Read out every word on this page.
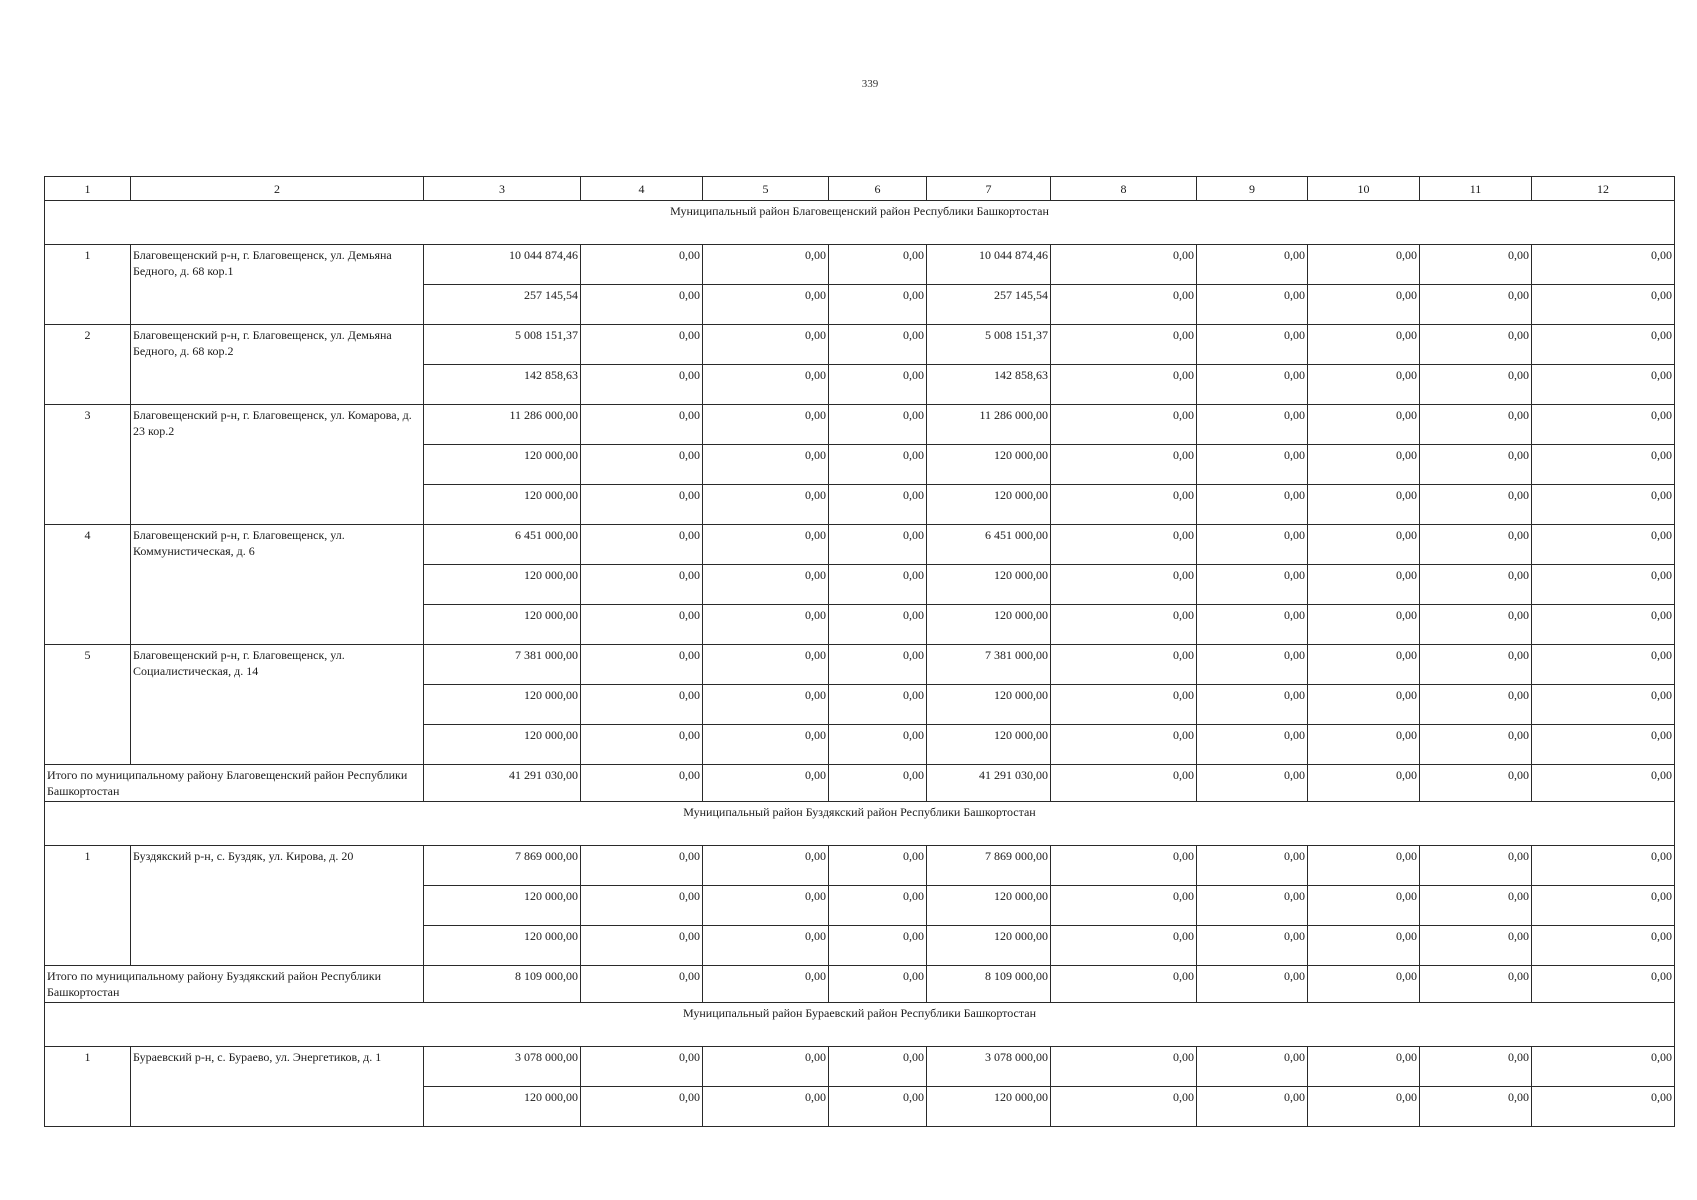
339
1	2	3	4	5	6	7	8	9	10	11	12
Муниципальный район Благовещенский район Республики Башкортостан											
1	Благовещенский р-н, г. Благовещенск, ул. Демьяна Бедного, д. 68 кор.1	10 044 874,46	0,00	0,00	0,00	10 044 874,46	0,00	0,00	0,00	0,00	0,00
		257 145,54	0,00	0,00	0,00	257 145,54	0,00	0,00	0,00	0,00	0,00
2	Благовещенский р-н, г. Благовещенск, ул. Демьяна Бедного, д. 68 кор.2	5 008 151,37	0,00	0,00	0,00	5 008 151,37	0,00	0,00	0,00	0,00	0,00
		142 858,63	0,00	0,00	0,00	142 858,63	0,00	0,00	0,00	0,00	0,00
3	Благовещенский р-н, г. Благовещенск, ул. Комарова, д. 23 кор.2	11 286 000,00	0,00	0,00	0,00	11 286 000,00	0,00	0,00	0,00	0,00	0,00
		120 000,00	0,00	0,00	0,00	120 000,00	0,00	0,00	0,00	0,00	0,00
		120 000,00	0,00	0,00	0,00	120 000,00	0,00	0,00	0,00	0,00	0,00
4	Благовещенский р-н, г. Благовещенск, ул. Коммунистическая, д. 6	6 451 000,00	0,00	0,00	0,00	6 451 000,00	0,00	0,00	0,00	0,00	0,00
		120 000,00	0,00	0,00	0,00	120 000,00	0,00	0,00	0,00	0,00	0,00
		120 000,00	0,00	0,00	0,00	120 000,00	0,00	0,00	0,00	0,00	0,00
5	Благовещенский р-н, г. Благовещенск, ул. Социалистическая, д. 14	7 381 000,00	0,00	0,00	0,00	7 381 000,00	0,00	0,00	0,00	0,00	0,00
		120 000,00	0,00	0,00	0,00	120 000,00	0,00	0,00	0,00	0,00	0,00
		120 000,00	0,00	0,00	0,00	120 000,00	0,00	0,00	0,00	0,00	0,00
Итого по муниципальному району Благовещенский район Республики Башкортостан		41 291 030,00	0,00	0,00	0,00	41 291 030,00	0,00	0,00	0,00	0,00	0,00
Муниципальный район Буздякский район Республики Башкортостан											
1	Буздякский р-н, с. Буздяк, ул. Кирова, д. 20	7 869 000,00	0,00	0,00	0,00	7 869 000,00	0,00	0,00	0,00	0,00	0,00
		120 000,00	0,00	0,00	0,00	120 000,00	0,00	0,00	0,00	0,00	0,00
		120 000,00	0,00	0,00	0,00	120 000,00	0,00	0,00	0,00	0,00	0,00
Итого по муниципальному району Буздякский район Республики Башкортостан		8 109 000,00	0,00	0,00	0,00	8 109 000,00	0,00	0,00	0,00	0,00	0,00
Муниципальный район Бураевский район Республики Башкортостан											
1	Бураевский р-н, с. Бураево, ул. Энергетиков, д. 1	3 078 000,00	0,00	0,00	0,00	3 078 000,00	0,00	0,00	0,00	0,00	0,00
		120 000,00	0,00	0,00	0,00	120 000,00	0,00	0,00	0,00	0,00	0,00
